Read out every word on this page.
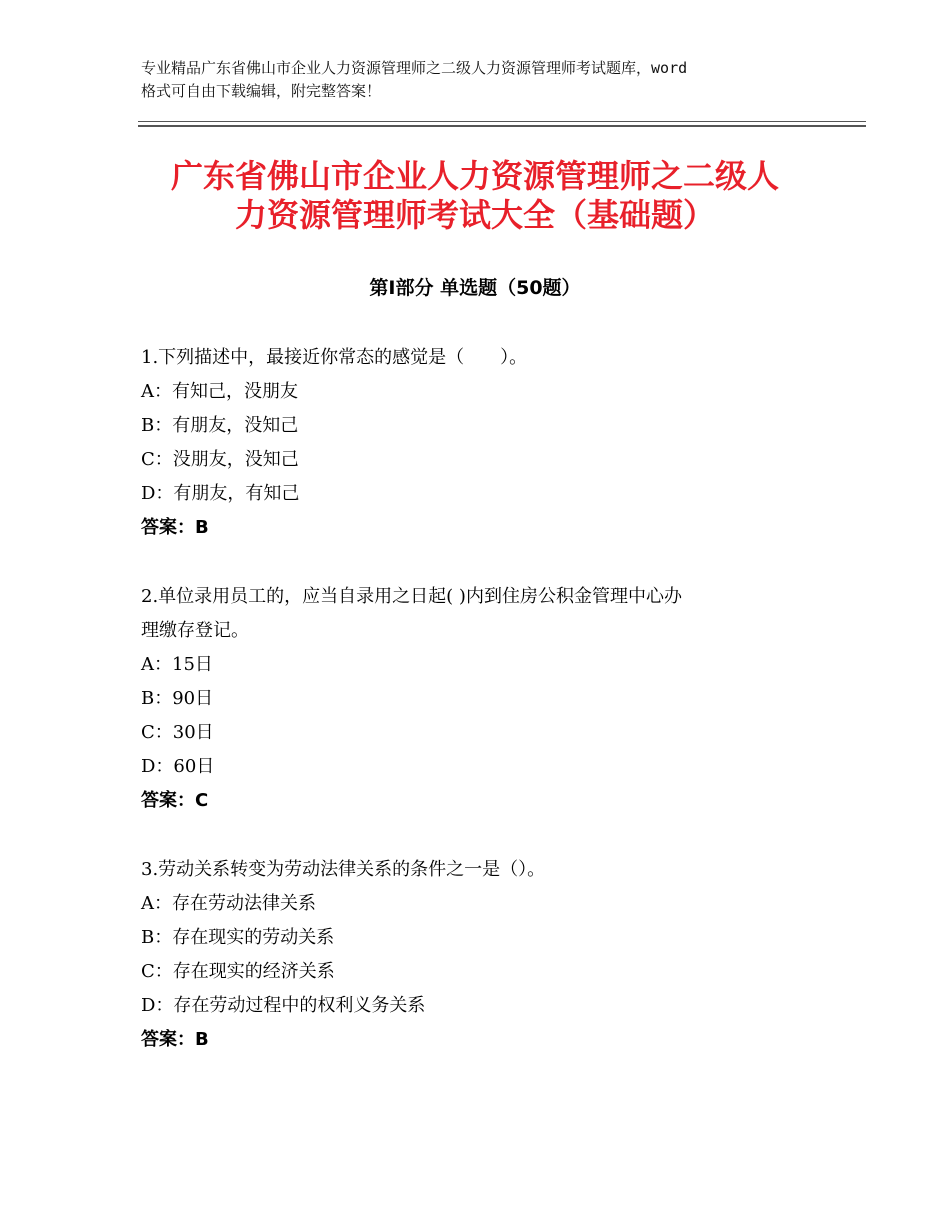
专业精品广东省佛山市企业人力资源管理师之二级人力资源管理师考试题库，word
格式可自由下载编辑，附完整答案！
广东省佛山市企业人力资源管理师之二级人
力资源管理师考试大全（基础题）
第Ⅰ部分 单选题（50题）
1.下列描述中，最接近你常态的感觉是（　　）。
A：有知己，没朋友
B：有朋友，没知己
C：没朋友，没知己
D：有朋友，有知己
答案：B
2.单位录用员工的，应当自录用之日起( )内到住房公积金管理中心办
理缴存登记。
A：15日
B：90日
C：30日
D：60日
答案：C
3.劳动关系转变为劳动法律关系的条件之一是（）。
A：存在劳动法律关系
B：存在现实的劳动关系
C：存在现实的经济关系
D：存在劳动过程中的权利义务关系
答案：B
